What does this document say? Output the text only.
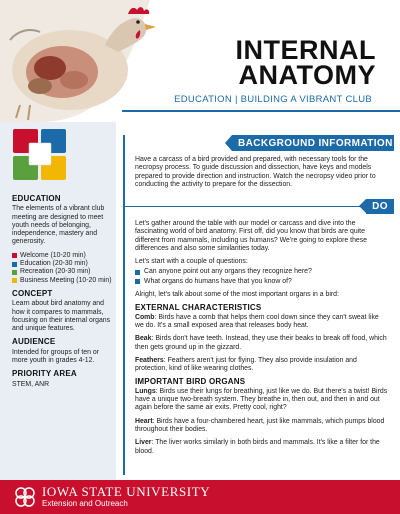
INTERNAL
ANATOMY
EDUCATION | BUILDING A VIBRANT CLUB
EDUCATION

The elements of a vibrant club meeting are designed to meet youth needs of belonging, independence, mastery and generosity.

Welcome (10-20 min)
Education (20-30 min)
Recreation (20-30 min)
Business Meeting (10-20 min)
CONCEPT

Learn about bird anatomy and how it compares to mammals, focusing on their internal organs and unique features.

AUDIENCE

Intended for groups of ten or more youth in grades 4-12.

PRIORITY AREA

STEM, ANR

BACKGROUND INFORMATION

Have a carcass of a bird provided and prepared, with necessary tools for the necropsy process. To guide discussion and dissection, have keys and models prepared to provide direction and instruction. Watch the necropsy video prior to conducting the activity to prepare for the dissection.

DO

Let's gather around the table with our model or carcass and dive into the fascinating world of bird anatomy. First off, did you know that birds are quite different from mammals, including us humans? We're going to explore these differences and also some similarities today.

Let's start with a couple of questions:

Can anyone point out any organs they recognize here?
What organs do humans have that you know of?

Alright, let's talk about some of the most important organs in a bird:

EXTERNAL CHARACTERISTICS

Comb: Birds have a comb that helps them cool down since they can't sweat like we do. It's a small exposed area that releases body heat.

Beak: Birds don't have teeth. Instead, they use their beaks to break off food, which then gets ground up in the gizzard.

Feathers: Feathers aren't just for flying. They also provide insulation and protection, kind of like wearing clothes.

IMPORTANT BIRD ORGANS

Lungs: Birds use their lungs for breathing, just like we do. But there's a twist! Birds have a unique two-breath system. They breathe in, then out, and then in and out again before the same air exits. Pretty cool, right?

Heart: Birds have a four-chambered heart, just like mammals, which pumps blood throughout their bodies.

Liver: The liver works similarly in both birds and mammals. It's like a filter for the blood.

IOWA STATE UNIVERSITY
Extension and Outreach
